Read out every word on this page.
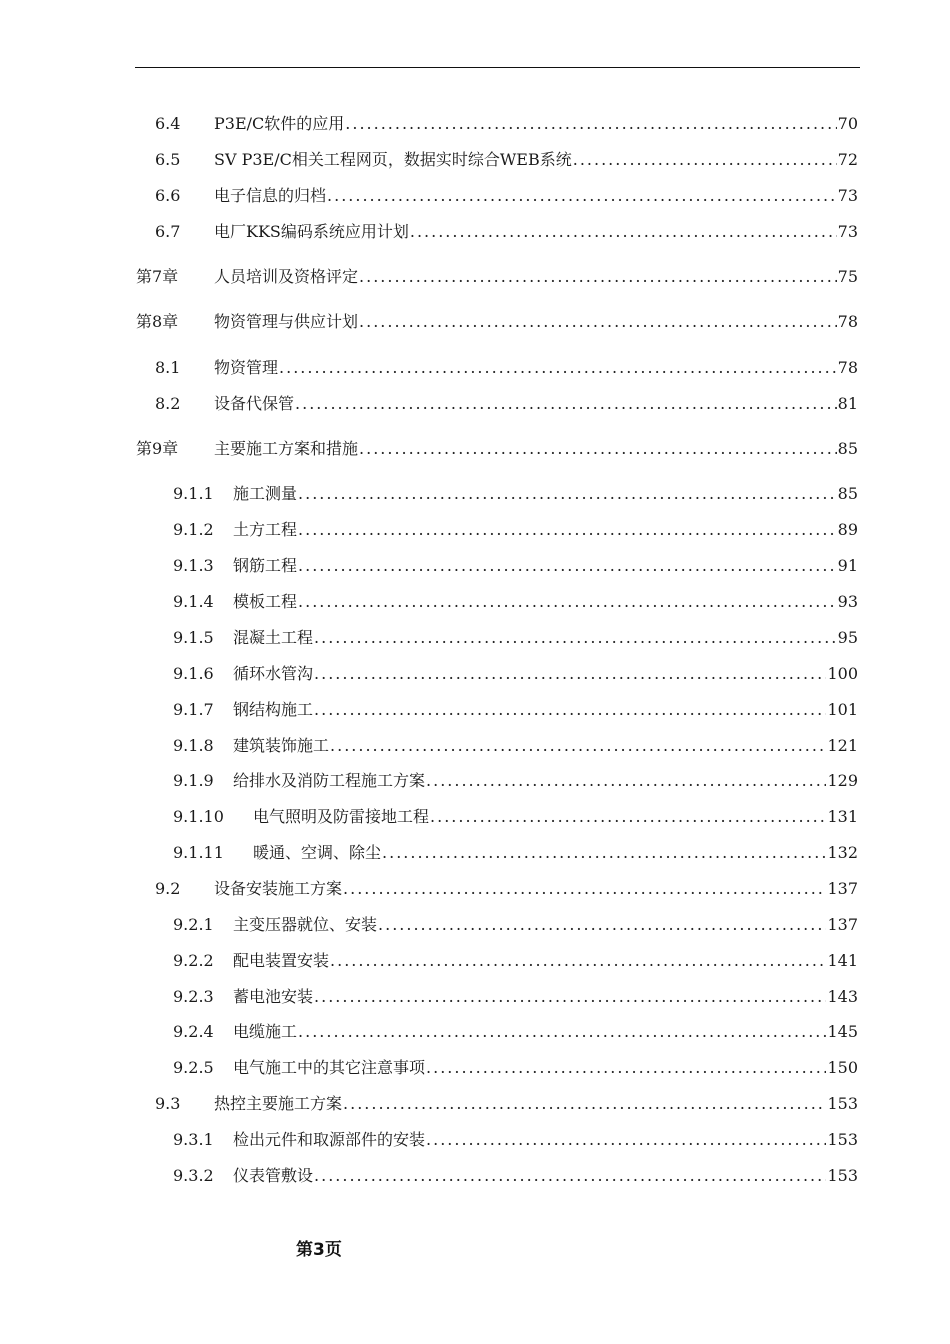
6.4	P3E/C软件的应用 .....	70
6.5	SV P3E/C相关工程网页，数据实时综合WEB系统 .....	72
6.6	电子信息的归档 .....	73
6.7	电厂KKS编码系统应用计划 .....	73
第7章	人员培训及资格评定 .....	75
第8章	物资管理与供应计划 .....	78
8.1	物资管理 .....	78
8.2	设备代保管 .....	81
第9章	主要施工方案和措施 .....	85
9.1.1	施工测量 .....	85
9.1.2	土方工程 .....	89
9.1.3	钢筋工程 .....	91
9.1.4	模板工程 .....	93
9.1.5	混凝土工程 .....	95
9.1.6	循环水管沟 .....	100
9.1.7	钢结构施工 .....	101
9.1.8	建筑装饰施工 .....	121
9.1.9	给排水及消防工程施工方案 .....	129
9.1.10	电气照明及防雷接地工程 .....	131
9.1.11	暖通、空调、除尘 .....	132
9.2	设备安装施工方案 .....	137
9.2.1	主变压器就位、安装 .....	137
9.2.2	配电装置安装 .....	141
9.2.3	蓄电池安装 .....	143
9.2.4	电缆施工 .....	145
9.2.5	电气施工中的其它注意事项 .....	150
9.3	热控主要施工方案 .....	153
9.3.1	检出元件和取源部件的安装 .....	153
9.3.2	仪表管敷设 .....	153
第3页
